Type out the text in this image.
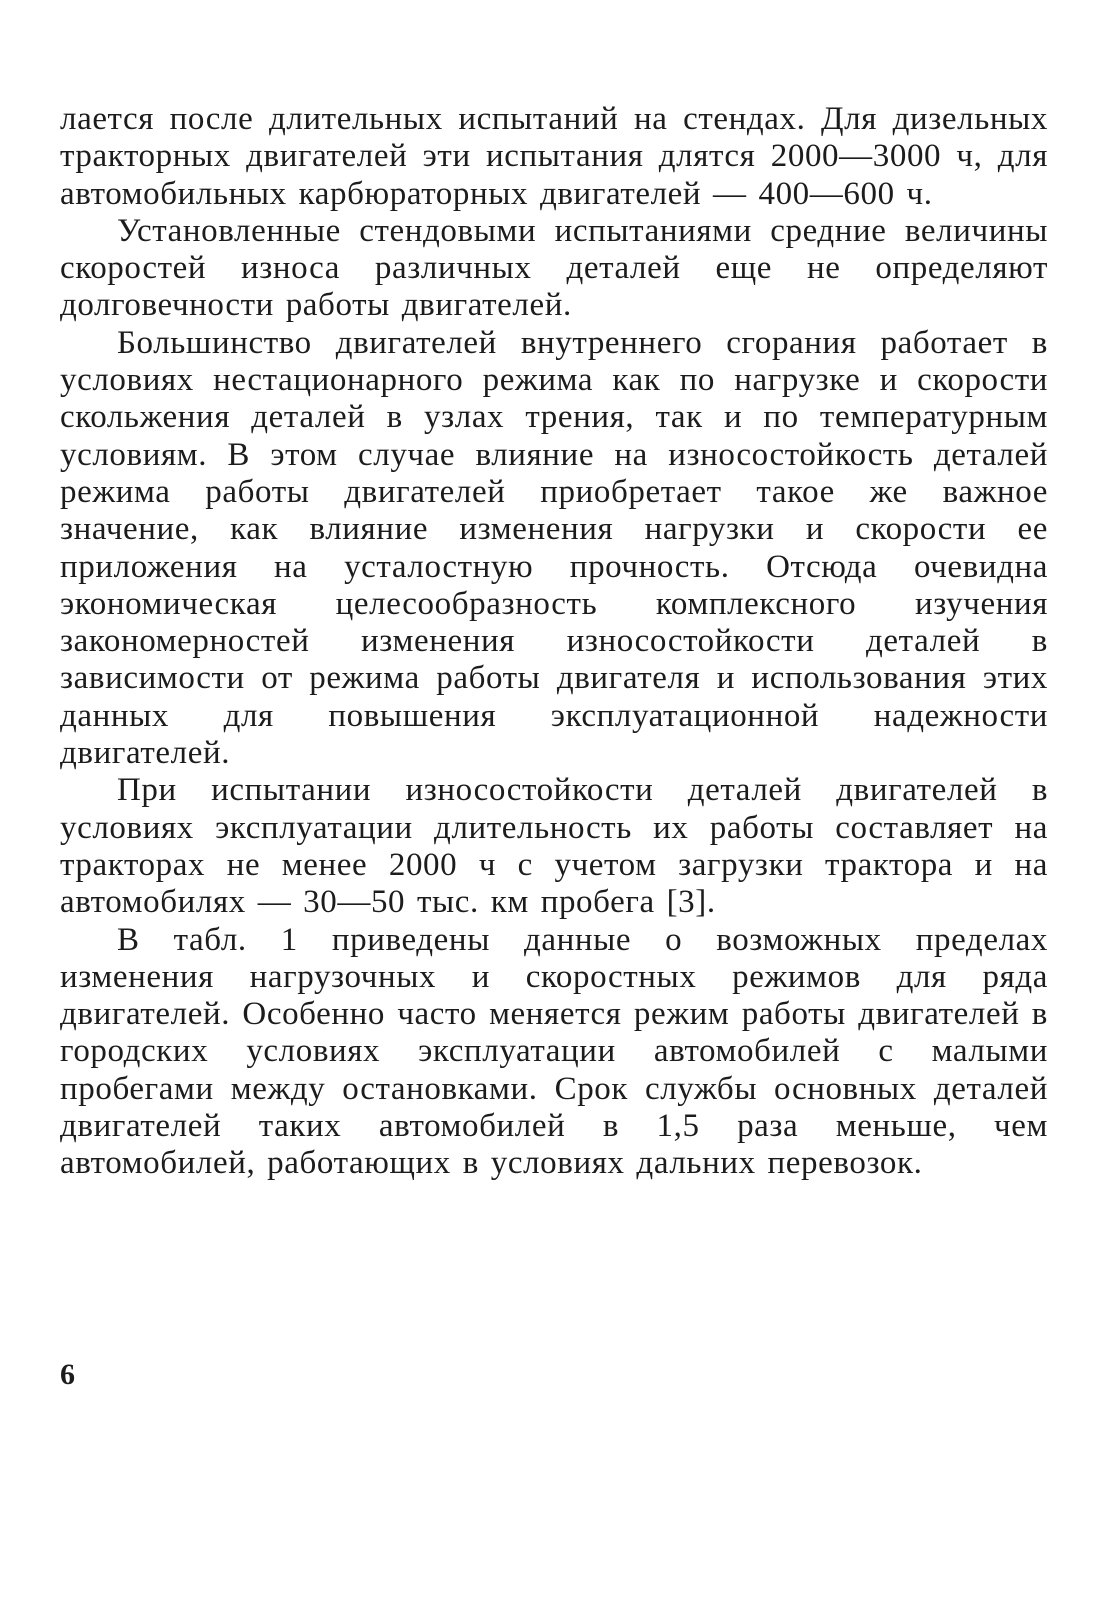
лается после длительных испытаний на стендах. Для дизельных тракторных двигателей эти испытания длятся 2000—3000 ч, для автомобильных карбюраторных двигателей — 400—600 ч.

Установленные стендовыми испытаниями средние величины скоростей износа различных деталей еще не определяют долговечности работы двигателей.

Большинство двигателей внутреннего сгорания работает в условиях нестационарного режима как по нагрузке и скорости скольжения деталей в узлах трения, так и по температурным условиям. В этом случае влияние на износостойкость деталей режима работы двигателей приобретает такое же важное значение, как влияние изменения нагрузки и скорости ее приложения на усталостную прочность. Отсюда очевидна экономическая целесообразность комплексного изучения закономерностей изменения износостойкости деталей в зависимости от режима работы двигателя и использования этих данных для повышения эксплуатационной надежности двигателей.

При испытании износостойкости деталей двигателей в условиях эксплуатации длительность их работы составляет на тракторах не менее 2000 ч с учетом загрузки трактора и на автомобилях — 30—50 тыс. км пробега [3].

В табл. 1 приведены данные о возможных пределах изменения нагрузочных и скоростных режимов для ряда двигателей. Особенно часто меняется режим работы двигателей в городских условиях эксплуатации автомобилей с малыми пробегами между остановками. Срок службы основных деталей двигателей таких автомобилей в 1,5 раза меньше, чем автомобилей, работающих в условиях дальних перевозок.

6
